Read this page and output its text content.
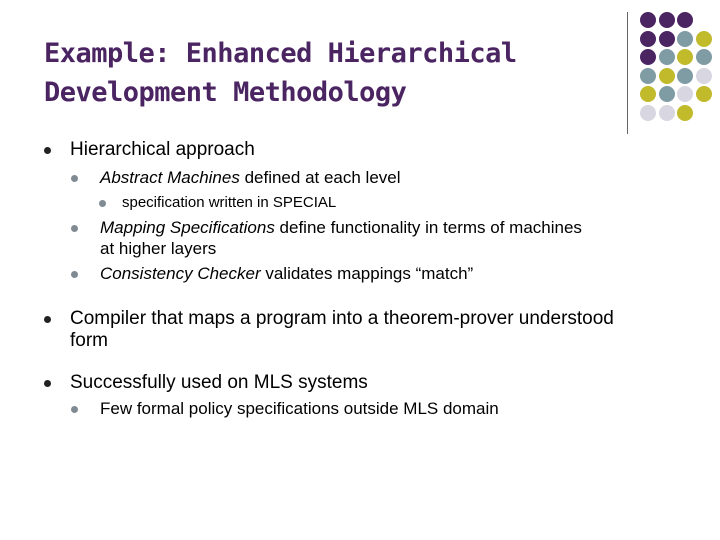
Example: Enhanced Hierarchical
Development Methodology
Hierarchical approach
Abstract Machines defined at each level
specification written in SPECIAL
Mapping Specifications define functionality in terms of machines
at higher layers
Consistency Checker validates mappings “match”
Compiler that maps a program into a theorem-prover understood
form
Successfully used on MLS systems
Few formal policy specifications outside MLS domain
